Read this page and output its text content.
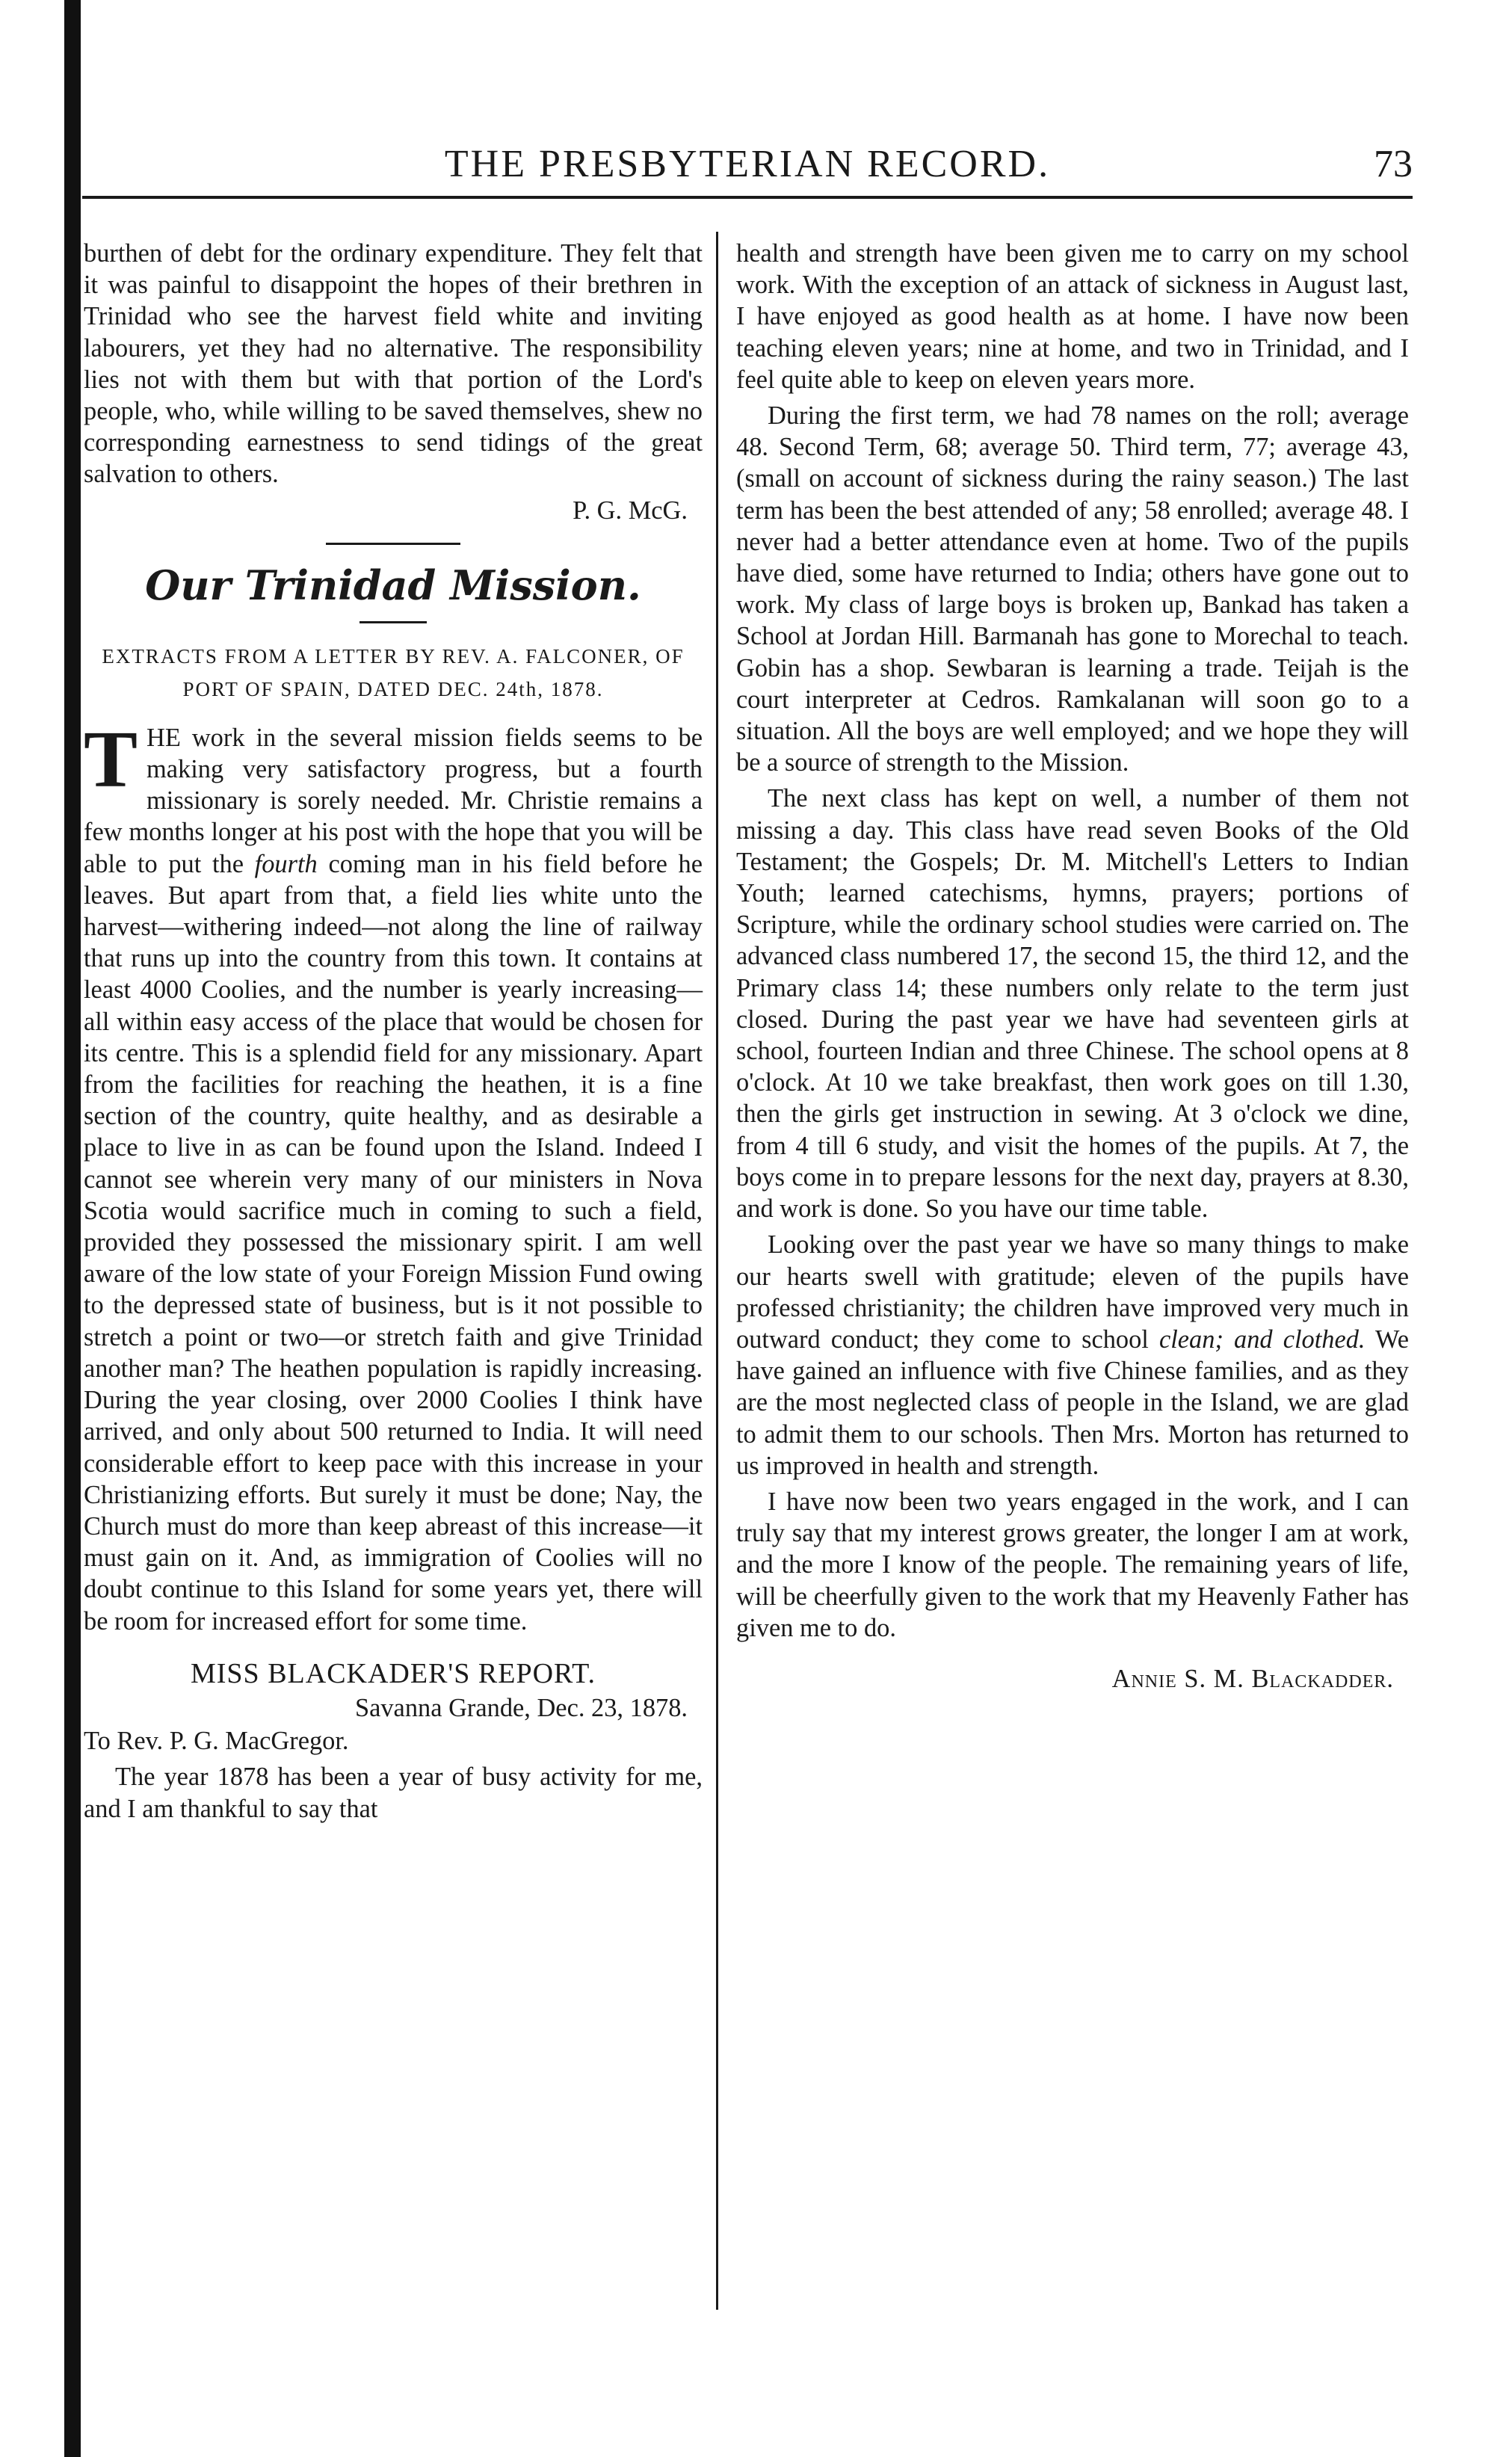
THE PRESBYTERIAN RECORD.	73

burthen of debt for the ordinary expenditure. They felt that it was painful to disappoint the hopes of their brethren in Trinidad who see the harvest field white and inviting labourers, yet they had no alternative. The responsibility lies not with them but with that portion of the Lord's people, who, while willing to be saved themselves, shew no corresponding earnestness to send tidings of the great salvation to others.

P. G. McG.

Our Trinidad Mission.
EXTRACTS FROM A LETTER BY REV. A. FALCONER, OF PORT OF SPAIN, DATED DEC. 24th, 1878.

THE work in the several mission fields seems to be making very satisfactory progress, but a fourth missionary is sorely needed. Mr. Christie remains a few months longer at his post with the hope that you will be able to put the fourth coming man in his field before he leaves. But apart from that, a field lies white unto the harvest—withering indeed—not along the line of railway that runs up into the country from this town. It contains at least 4000 Coolies, and the number is yearly increasing—all within easy access of the place that would be chosen for its centre. This is a splendid field for any missionary. Apart from the facilities for reaching the heathen, it is a fine section of the country, quite healthy, and as desirable a place to live in as can be found upon the Island. Indeed I cannot see wherein very many of our ministers in Nova Scotia would sacrifice much in coming to such a field, provided they possessed the missionary spirit. I am well aware of the low state of your Foreign Mission Fund owing to the depressed state of business, but is it not possible to stretch a point or two—or stretch faith and give Trinidad another man? The heathen population is rapidly increasing. During the year closing, over 2000 Coolies I think have arrived, and only about 500 returned to India. It will need considerable effort to keep pace with this increase in your Christianizing efforts. But surely it must be done; Nay, the Church must do more than keep abreast of this increase—it must gain on it. And, as immigration of Coolies will no doubt continue to this Island for some years yet, there will be room for increased effort for some time.

MISS BLACKADER'S REPORT.

Savanna Grande, Dec. 23, 1878.

To Rev. P. G. MacGregor.

The year 1878 has been a year of busy activity for me, and I am thankful to say that

health and strength have been given me to carry on my school work. With the exception of an attack of sickness in August last, I have enjoyed as good health as at home. I have now been teaching eleven years; nine at home, and two in Trinidad, and I feel quite able to keep on eleven years more.

During the first term, we had 78 names on the roll; average 48. Second Term, 68; average 50. Third term, 77; average 43, (small on account of sickness during the rainy season.) The last term has been the best attended of any; 58 enrolled; average 48. I never had a better attendance even at home. Two of the pupils have died, some have returned to India; others have gone out to work. My class of large boys is broken up, Bankad has taken a School at Jordan Hill. Barmanah has gone to Morechal to teach. Gobin has a shop. Sewbaran is learning a trade. Teijah is the court interpreter at Cedros. Ramkalanan will soon go to a situation. All the boys are well employed; and we hope they will be a source of strength to the Mission.

The next class has kept on well, a number of them not missing a day. This class have read seven Books of the Old Testament; the Gospels; Dr. M. Mitchell's Letters to Indian Youth; learned catechisms, hymns, prayers; portions of Scripture, while the ordinary school studies were carried on. The advanced class numbered 17, the second 15, the third 12, and the Primary class 14; these numbers only relate to the term just closed. During the past year we have had seventeen girls at school, fourteen Indian and three Chinese. The school opens at 8 o'clock. At 10 we take breakfast, then work goes on till 1.30, then the girls get instruction in sewing. At 3 o'clock we dine, from 4 till 6 study, and visit the homes of the pupils. At 7, the boys come in to prepare lessons for the next day, prayers at 8.30, and work is done. So you have our time table.

Looking over the past year we have so many things to make our hearts swell with gratitude; eleven of the pupils have professed christianity; the children have improved very much in outward conduct; they come to school clean; and clothed. We have gained an influence with five Chinese families, and as they are the most neglected class of people in the Island, we are glad to admit them to our schools. Then Mrs. Morton has returned to us improved in health and strength.

I have now been two years engaged in the work, and I can truly say that my interest grows greater, the longer I am at work, and the more I know of the people. The remaining years of life, will be cheerfully given to the work that my Heavenly Father has given me to do.

Annie S. M. Blackadder.
